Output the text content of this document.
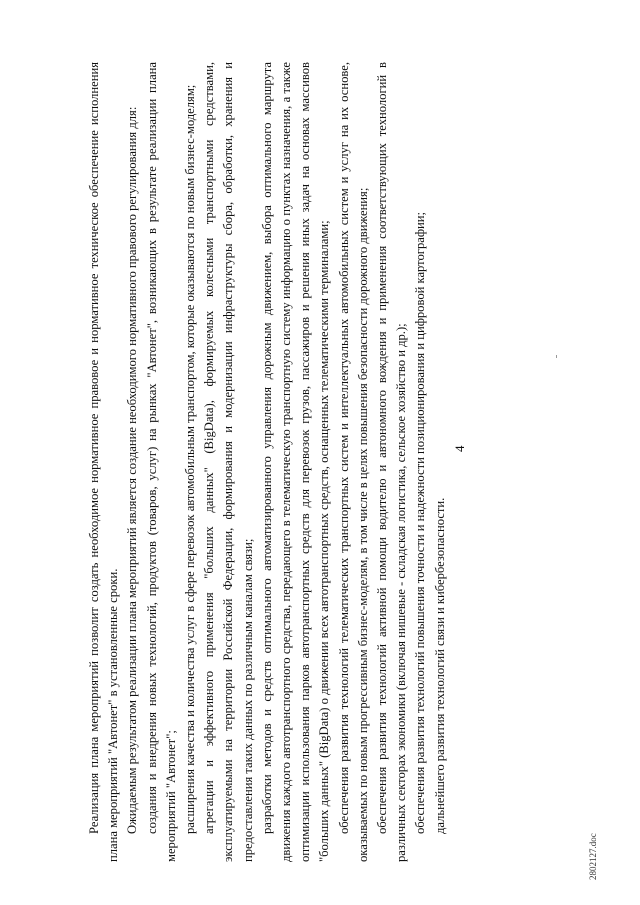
4

Реализация плана мероприятий позволит создать необходимое нормативное правовое и нормативное техническое обеспечение исполнения плана мероприятий "Автонет" в установленные сроки. Ожидаемым результатом реализации плана мероприятий является создание необходимого нормативного правового регулирования для: создания и внедрения новых технологий, продуктов (товаров, услуг) на рынках "Автонет", возникающих в результате реализации плана мероприятий "Автонет"; расширения качества и количества услуг в сфере перевозок автомобильным транспортом, которые оказываются по новым бизнес-моделям; агрегации и эффективного применения "больших данных" (BigData), формируемых колесными транспортными средствами, эксплуатируемыми на территории Российской Федерации, формирования и модернизации инфраструктуры сбора, обработки, хранения и предоставления таких данных по различным каналам связи; разработки методов и средств оптимального автоматизированного управления дорожным движением, выбора оптимального маршрута движения каждого автотранспортного средства, передающего в телематическую транспортную систему информацию о пунктах назначения, а также оптимизации использования парков автотранспортных средств для перевозок грузов, пассажиров и решения иных задач на основах массивов "больших данных" (BigData) о движении всех автотранспортных средств, оснащенных телематическими терминалами; обеспечения развития технологий телематических транспортных систем и интеллектуальных автомобильных систем и услуг на их основе, оказываемых по новым прогрессивным бизнес-моделям, в том числе в целях повышения безопасности дорожного движения; обеспечения развития технологий активной помощи водителю и автономного вождения и применения соответствующих технологий в различных секторах экономики (включая нишевые - складская логистика, сельское хозяйство и др.); обеспечения развития технологий повышения точности и надежности позиционирования и цифровой картографии; дальнейшего развития технологий связи и кибербезопасности.

2802127.doc
